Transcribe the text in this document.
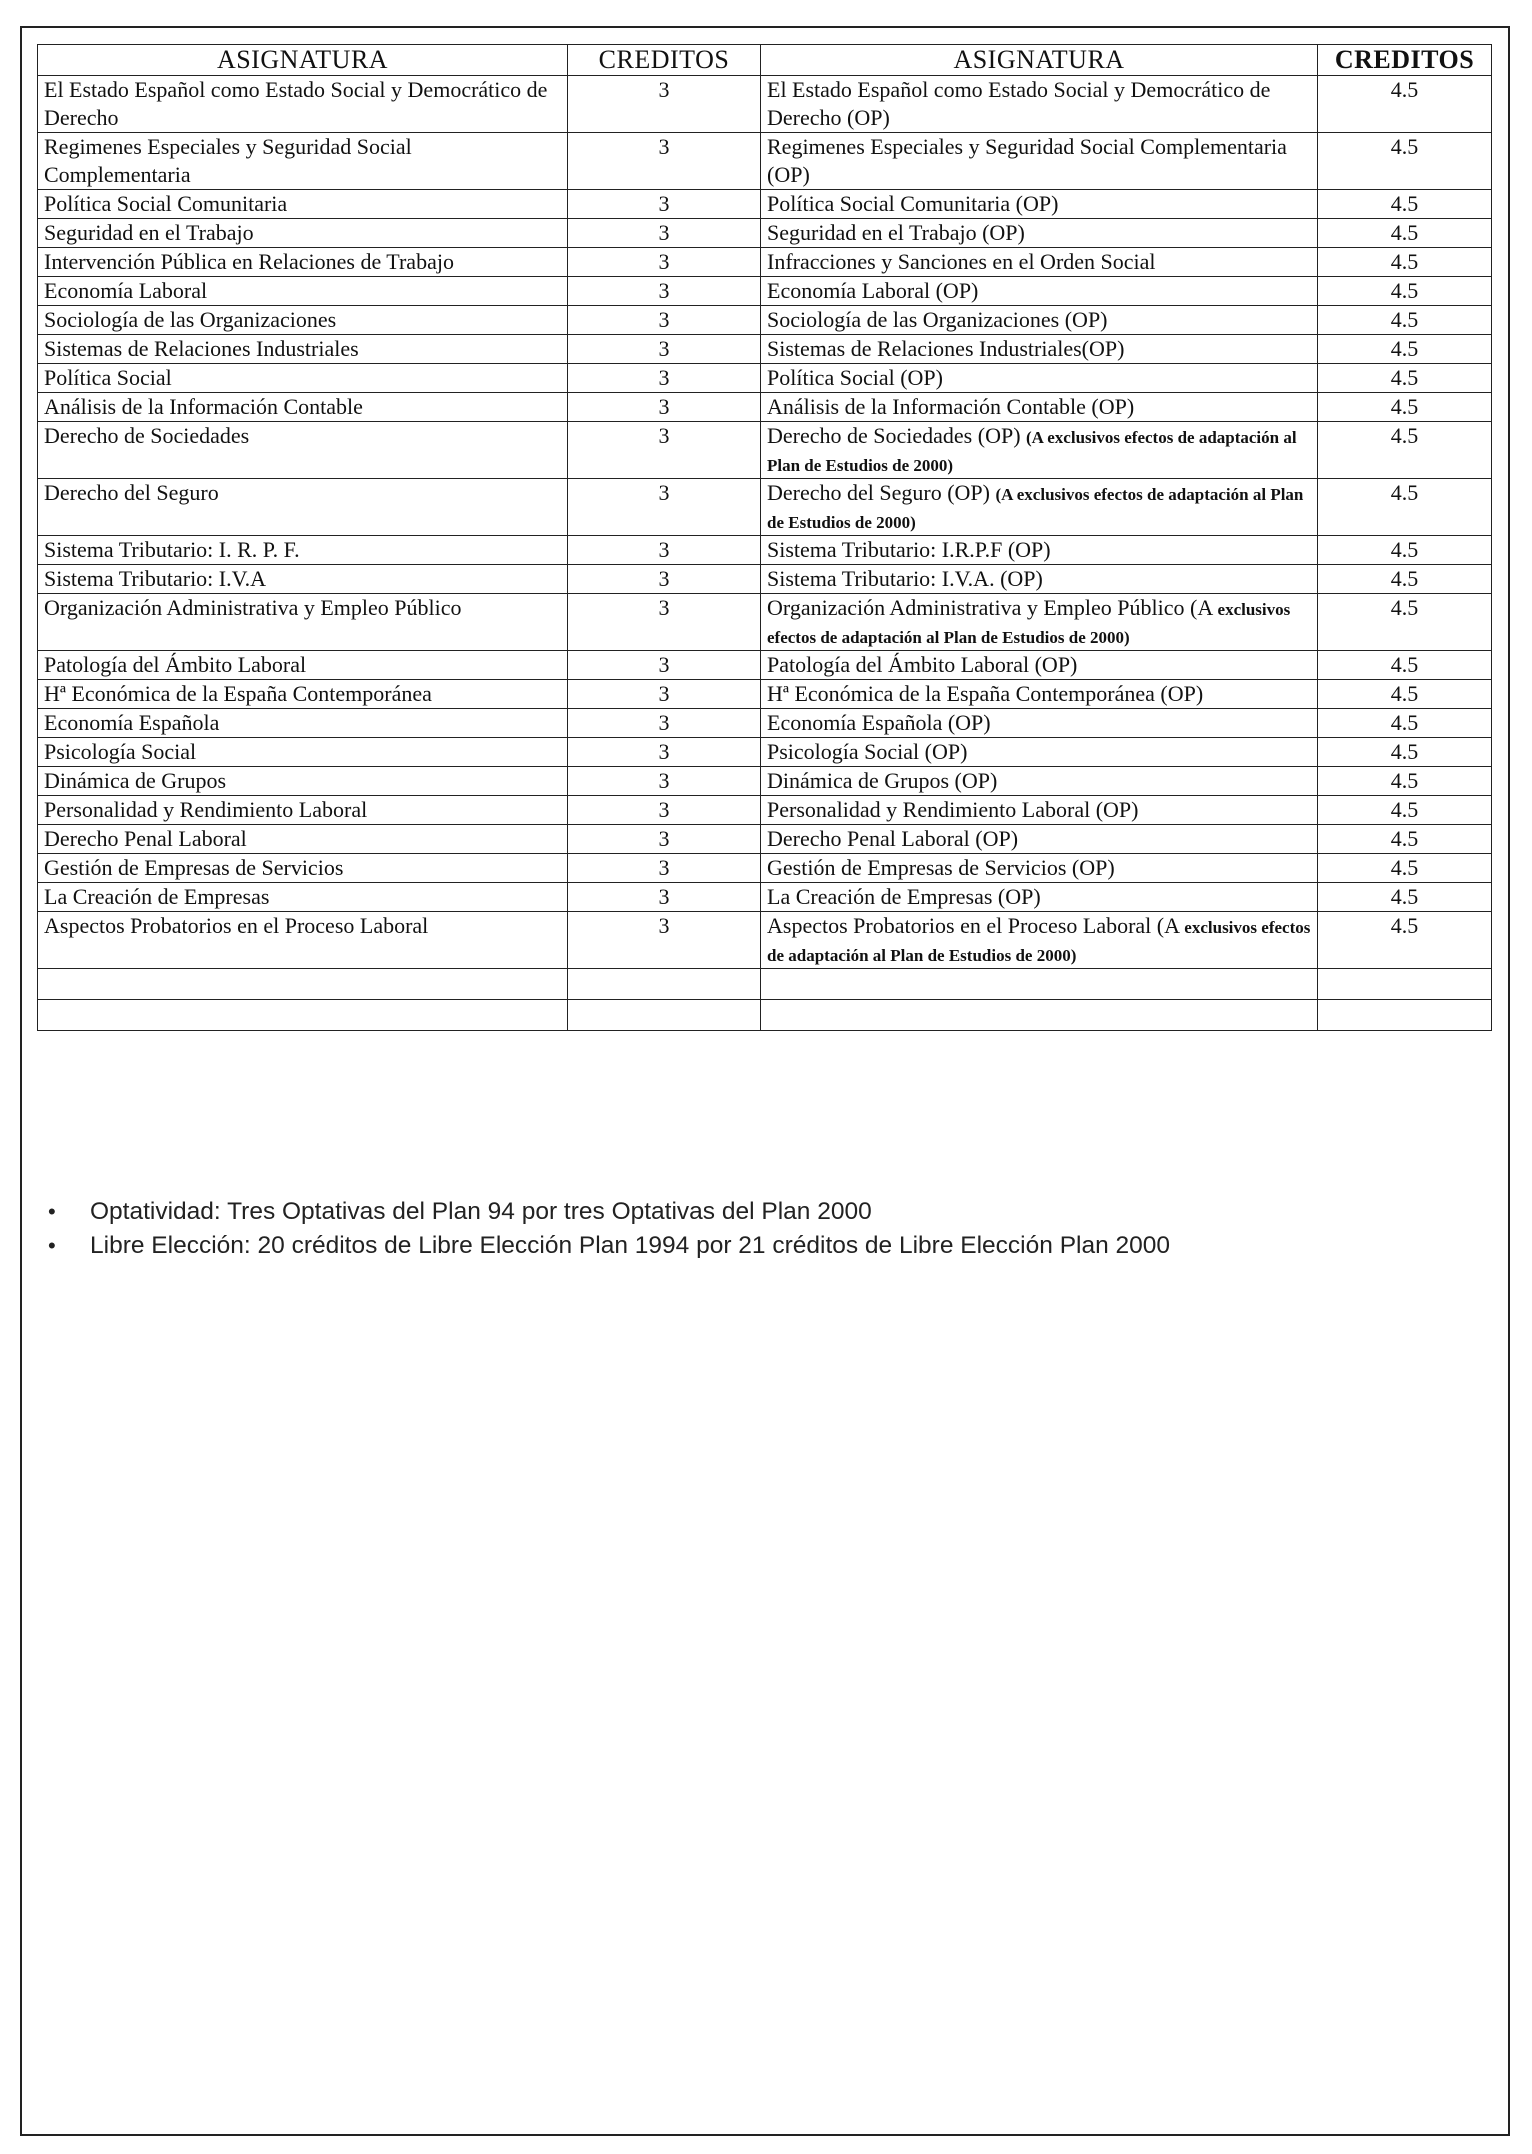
ASIGNATURA	CREDITOS	ASIGNATURA	CREDITOS
El Estado Español como Estado Social y Democrático de Derecho	3	El Estado Español como Estado Social y Democrático de Derecho (OP)	4.5
Regimenes Especiales y Seguridad Social Complementaria	3	Regimenes Especiales y Seguridad Social Complementaria (OP)	4.5
Política Social Comunitaria	3	Política Social Comunitaria (OP)	4.5
Seguridad en el Trabajo	3	Seguridad en el Trabajo (OP)	4.5
Intervención Pública en Relaciones de Trabajo	3	Infracciones y Sanciones en el Orden Social	4.5
Economía Laboral	3	Economía Laboral (OP)	4.5
Sociología de las Organizaciones	3	Sociología de las Organizaciones (OP)	4.5
Sistemas de Relaciones Industriales	3	Sistemas de Relaciones Industriales(OP)	4.5
Política Social	3	Política Social (OP)	4.5
Análisis de la Información Contable	3	Análisis de la Información Contable (OP)	4.5
Derecho de Sociedades	3	Derecho de Sociedades (OP) (A exclusivos efectos de adaptación al Plan de Estudios de 2000)	4.5
Derecho del Seguro	3	Derecho del Seguro (OP) (A exclusivos efectos de adaptación al Plan de Estudios de 2000)	4.5
Sistema Tributario: I. R. P. F.	3	Sistema Tributario: I.R.P.F (OP)	4.5
Sistema Tributario: I.V.A	3	Sistema Tributario: I.V.A. (OP)	4.5
Organización Administrativa y Empleo Público	3	Organización Administrativa y Empleo Público (A exclusivos efectos de adaptación al Plan de Estudios de 2000)	4.5
Patología del Ámbito Laboral	3	Patología del Ámbito Laboral (OP)	4.5
Hª Económica de la España Contemporánea	3	Hª Económica de la España Contemporánea (OP)	4.5
Economía Española	3	Economía Española (OP)	4.5
Psicología Social	3	Psicología Social (OP)	4.5
Dinámica de Grupos	3	Dinámica de Grupos (OP)	4.5
Personalidad y Rendimiento Laboral	3	Personalidad y Rendimiento Laboral (OP)	4.5
Derecho Penal Laboral	3	Derecho Penal Laboral (OP)	4.5
Gestión de Empresas de Servicios	3	Gestión de Empresas de Servicios (OP)	4.5
La Creación de Empresas	3	La Creación de Empresas (OP)	4.5
Aspectos Probatorios en el Proceso Laboral	3	Aspectos Probatorios en el Proceso Laboral (A exclusivos efectos de adaptación al Plan de Estudios de 2000)	4.5

• Optatividad: Tres Optativas del Plan 94 por tres Optativas del Plan 2000
• Libre Elección: 20 créditos de Libre Elección Plan 1994 por 21 créditos de Libre Elección Plan 2000
